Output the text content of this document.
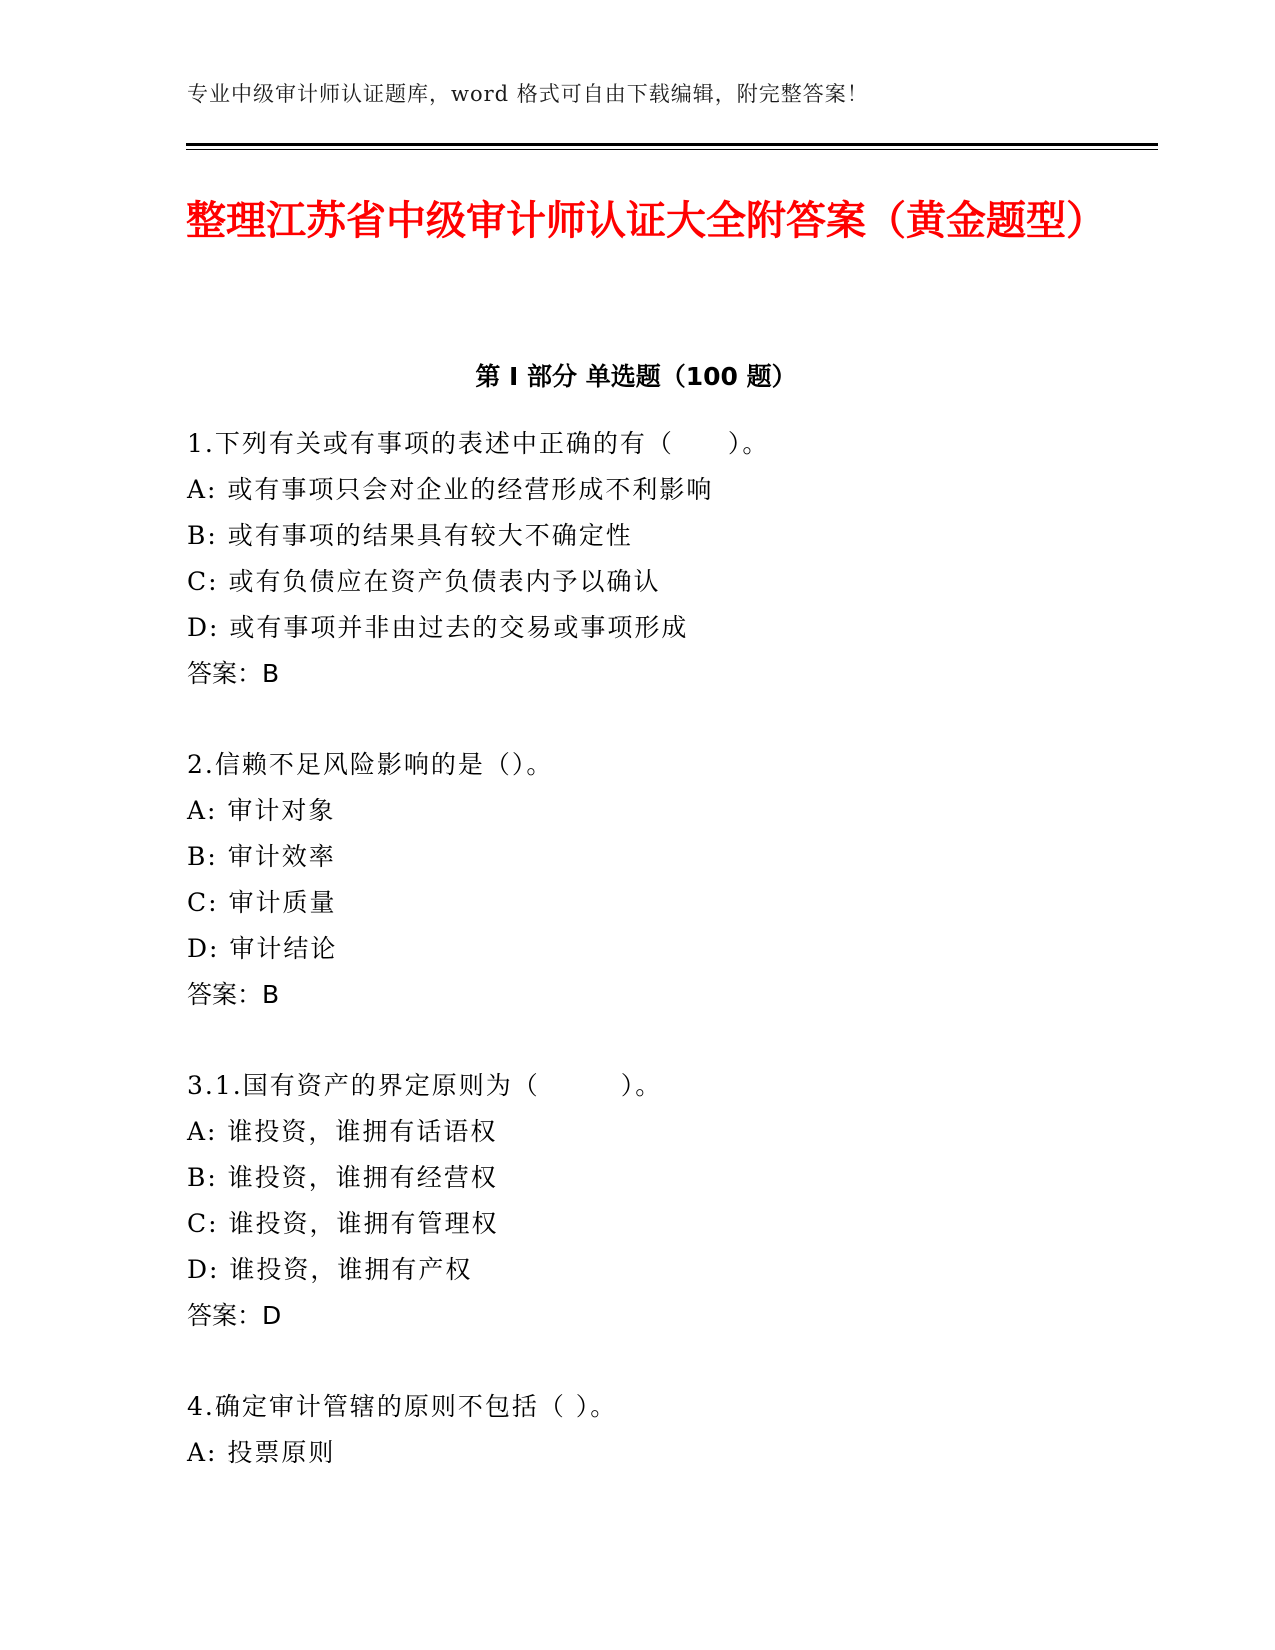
专业中级审计师认证题库，word 格式可自由下载编辑，附完整答案！
整理江苏省中级审计师认证大全附答案（黄金题型）
第 I 部分 单选题（100 题）
1.下列有关或有事项的表述中正确的有（　　）。
A: 或有事项只会对企业的经营形成不利影响
B: 或有事项的结果具有较大不确定性
C: 或有负债应在资产负债表内予以确认
D: 或有事项并非由过去的交易或事项形成
答案：B
2.信赖不足风险影响的是（）。
A: 审计对象
B: 审计效率
C: 审计质量
D: 审计结论
答案：B
3.1.国有资产的界定原则为（　　　）。
A: 谁投资，谁拥有话语权
B: 谁投资，谁拥有经营权
C: 谁投资，谁拥有管理权
D: 谁投资，谁拥有产权
答案：D
4.确定审计管辖的原则不包括（ ）。
A: 投票原则
